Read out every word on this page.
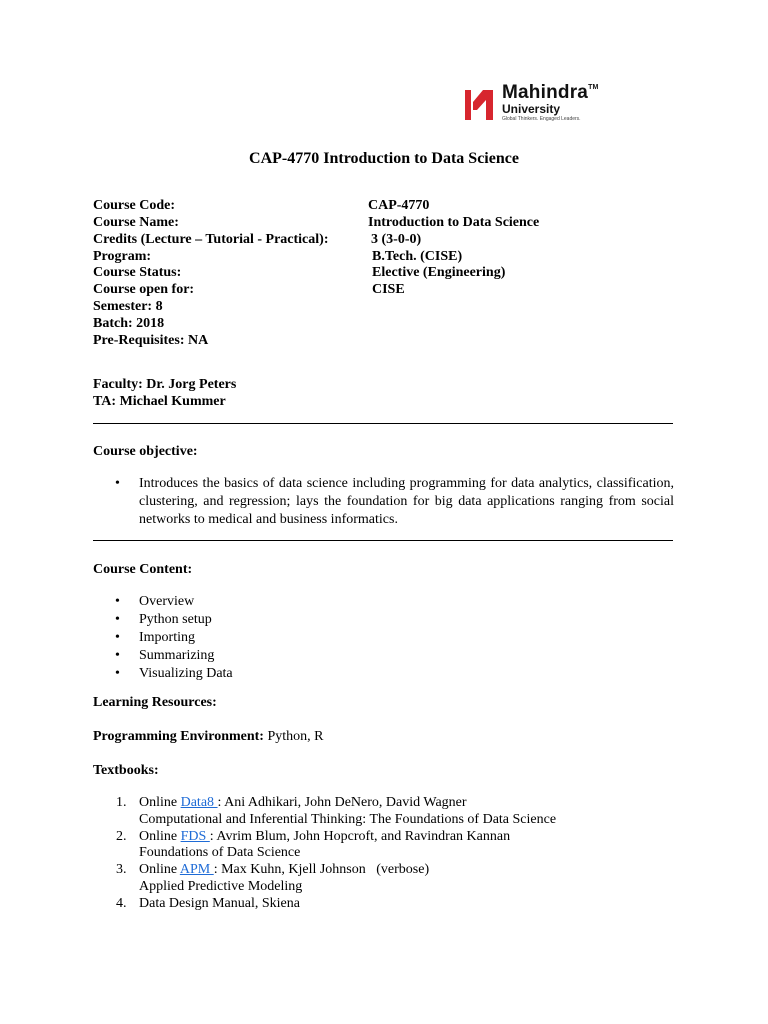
Mahindra™
University
Global Thinkers. Engaged Leaders.
CAP-4770 Introduction to Data Science
Course Code:	CAP-4770
Course Name:	Introduction to Data Science
Credits (Lecture – Tutorial - Practical):	3 (3-0-0)
Program:	B.Tech. (CISE)
Course Status:	Elective (Engineering)
Course open for:	CISE
Semester: 8
Batch: 2018
Pre-Requisites: NA
Faculty: Dr. Jorg Peters
TA: Michael Kummer
Course objective:
• Introduces the basics of data science including programming for data analytics, classification, clustering, and regression; lays the foundation for big data applications ranging from social networks to medical and business informatics.
Course Content:
• Overview
• Python setup
• Importing
• Summarizing
• Visualizing Data
Learning Resources:
Programming Environment: Python, R
Textbooks:
1. Online Data8 : Ani Adhikari, John DeNero, David Wagner
Computational and Inferential Thinking: The Foundations of Data Science
2. Online FDS : Avrim Blum, John Hopcroft, and Ravindran Kannan
Foundations of Data Science
3. Online APM : Max Kuhn, Kjell Johnson   (verbose)
Applied Predictive Modeling
4. Data Design Manual, Skiena
